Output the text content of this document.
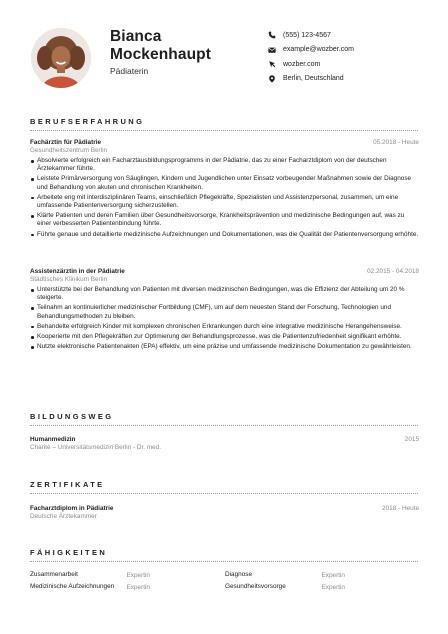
Bianca
Mockenhaupt
Pädiaterin
(555) 123-4567
example@wozber.com
wozber.com
Berlin, Deutschland
BERUFSERFAHRUNG
Fachärztin für Pädiatrie	05.2018 - Heute
Gesundheitszentrum Berlin
Absolvierte erfolgreich ein Facharztausbildungsprogramms in der Pädiatrie, das zu einer Facharztdiplom von der deutschen Ärztekammer führte.
Leistete Primärversorgung von Säuglingen, Kindern und Jugendlichen unter Einsatz vorbeugender Maßnahmen sowie der Diagnose und Behandlung von akuten und chronischen Krankheiten.
Arbeitete eng mit interdisziplinären Teams, einschließlich Pflegekräfte, Spezialisten und Assistenzpersonal, zusammen, um eine umfassende Patientenversorgung sicherzustellen.
Klärte Patienten und deren Familien über Gesundheitsvorsorge, Krankheitsprävention und medizinische Bedingungen auf, was zu einer verbesserten Patientenbindung führte.
Führte genaue und detaillierte medizinische Aufzeichnungen und Dokumentationen, was die Qualität der Patientenversorgung erhöhte.
Assistenzärztin in der Pädiatrie	02.2015 - 04.2018
Städtisches Klinikum Berlin
Unterstützte bei der Behandlung von Patienten mit diversen medizinischen Bedingungen, was die Effizienz der Abteilung um 20 % steigerte.
Teilnahm an kontinuierlicher medizinischer Fortbildung (CMF), um auf dem neuesten Stand der Forschung, Technologien und Behandlungsmethoden zu bleiben.
Behandelte erfolgreich Kinder mit komplexen chronischen Erkrankungen durch eine integrative medizinische Herangehensweise.
Kooperierte mit den Pflegekräften zur Optimierung der Behandlungsprozesse, was die Patientenzufriedenheit signifikant erhöhte.
Nutzte elektronische Patientenakten (EPA) effektiv, um eine präzise und umfassende medizinische Dokumentation zu gewährleisten.
BILDUNGSWEG
Humanmedizin	2015
Charité – Universitätsmedizin Berlin - Dr. med.
ZERTIFIKATE
Facharztdiplom in Pädiatrie	2018 - Heute
Deutsche Ärztekammer
FÄHIGKEITEN
Zusammenarbeit	Expertin	Diagnose	Expertin
Medizinische Aufzeichnungen	Expertin	Gesundheitsvorsorge	Expertin
